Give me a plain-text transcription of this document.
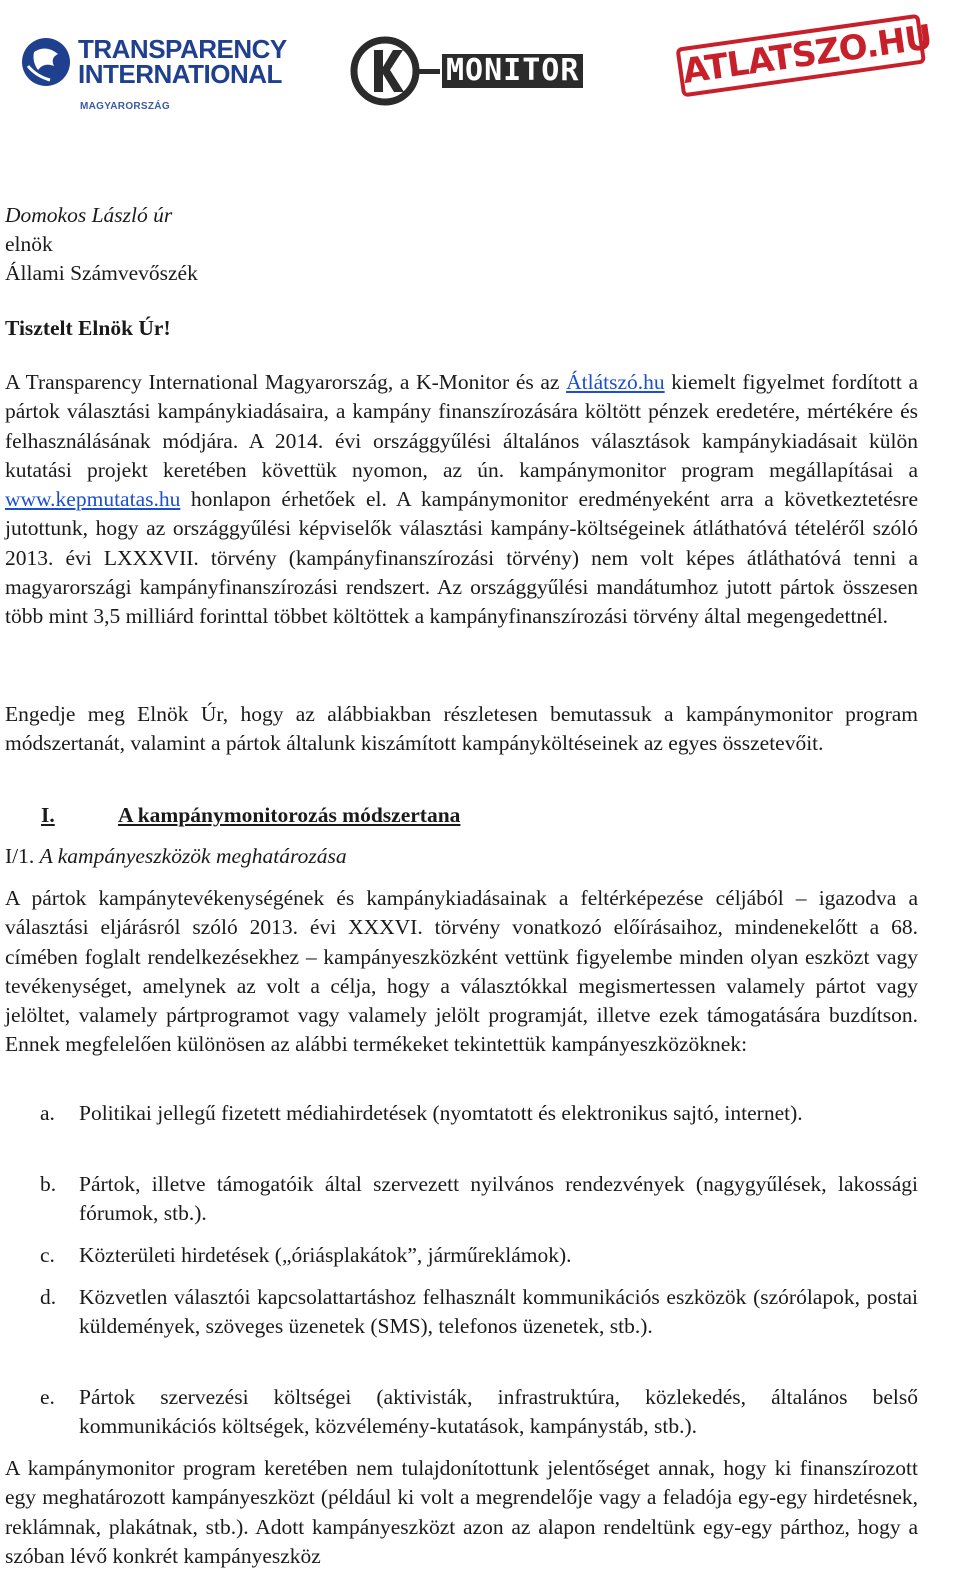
TRANSPARENCY
INTERNATIONAL
MAGYARORSZÁG
MONITOR	ATLATSZO.HU

Domokos László úr

elnök

Állami Számvevőszék

Tisztelt Elnök Úr!

A Transparency International Magyarország, a K-Monitor és az Átlátszó.hu kiemelt figyelmet fordított a pártok választási kampánykiadásaira, a kampány finanszírozására költött pénzek eredetére, mértékére és felhasználásának módjára. A 2014. évi országgyűlési általános választások kampánykiadásait külön kutatási projekt keretében követtük nyomon, az ún. kampánymonitor program megállapításai a www.kepmutatas.hu honlapon érhetőek el. A kampánymonitor eredményeként arra a következtetésre jutottunk, hogy az országgyűlési képviselők választási kampány-költségeinek átláthatóvá tételéről szóló 2013. évi LXXXVII. törvény (kampányfinanszírozási törvény) nem volt képes átláthatóvá tenni a magyarországi kampányfinanszírozási rendszert. Az országgyűlési mandátumhoz jutott pártok összesen több mint 3,5 milliárd forinttal többet költöttek a kampányfinanszírozási törvény által megengedettnél.

Engedje meg Elnök Úr, hogy az alábbiakban részletesen bemutassuk a kampánymonitor program módszertanát, valamint a pártok általunk kiszámított kampányköltéseinek az egyes összetevőit.

I.	A kampánymonitorozás módszertana

I/1. A kampányeszközök meghatározása

A pártok kampánytevékenységének és kampánykiadásainak a feltérképezése céljából – igazodva a választási eljárásról szóló 2013. évi XXXVI. törvény vonatkozó előírásaihoz, mindenekelőtt a 68. címében foglalt rendelkezésekhez – kampányeszközként vettünk figyelembe minden olyan eszközt vagy tevékenységet, amelynek az volt a célja, hogy a választókkal megismertessen valamely pártot vagy jelöltet, valamely pártprogramot vagy valamely jelölt programját, illetve ezek támogatására buzdítson. Ennek megfelelően különösen az alábbi termékeket tekintettük kampányeszközöknek:

a.	Politikai jellegű fizetett médiahirdetések (nyomtatott és elektronikus sajtó, internet).
b.	Pártok, illetve támogatóik által szervezett nyilvános rendezvények (nagygyűlések, lakossági fórumok, stb.).
c.	Közterületi hirdetések („óriásplakátok”, járműreklámok).
d.	Közvetlen választói kapcsolattartáshoz felhasznált kommunikációs eszközök (szórólapok, postai küldemények, szöveges üzenetek (SMS), telefonos üzenetek, stb.).
e.	Pártok szervezési költségei (aktivisták, infrastruktúra, közlekedés, általános belső kommunikációs költségek, közvélemény-kutatások, kampánystáb, stb.).

A kampánymonitor program keretében nem tulajdonítottunk jelentőséget annak, hogy ki finanszírozott egy meghatározott kampányeszközt (például ki volt a megrendelője vagy a feladója egy-egy hirdetésnek, reklámnak, plakátnak, stb.). Adott kampányeszközt azon az alapon rendeltünk egy-egy párthoz, hogy a szóban lévő konkrét kampányeszköz
